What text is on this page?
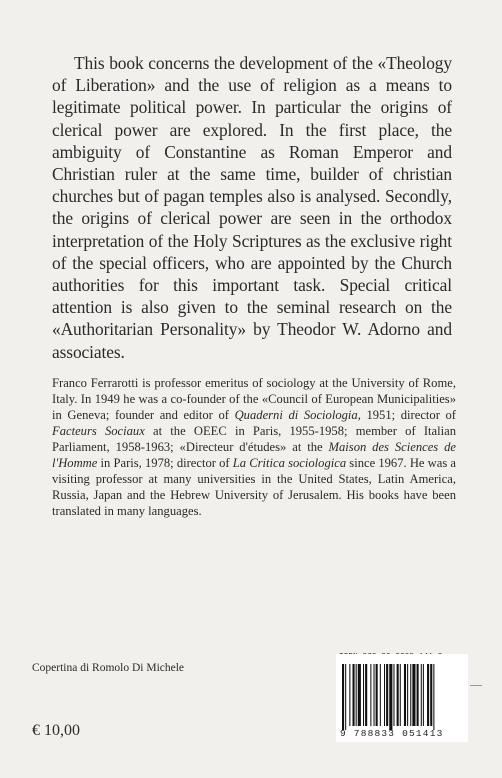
This book concerns the development of the «Theology of Liberation» and the use of religion as a means to legitimate political power. In particular the origins of clerical power are explored. In the first place, the ambiguity of Constantine as Roman Emperor and Christian ruler at the same time, builder of christian churches but of pagan temples also is analysed. Secondly, the origins of clerical power are seen in the orthodox interpretation of the Holy Scriptures as the exclusive right of the special officers, who are appointed by the Church authorities for this important task. Special critical attention is also given to the seminal research on the «Authoritarian Personality» by Theodor W. Adorno and associates.

Franco Ferrarotti is professor emeritus of sociology at the University of Rome, Italy. In 1949 he was a co-founder of the «Council of European Municipalities» in Geneva; founder and editor of Quaderni di Sociologia, 1951; director of Facteurs Sociaux at the OEEC in Paris, 1955-1958; member of Italian Parliament, 1958-1963; «Directeur d'études» at the Maison des Sciences de l'Homme in Paris, 1978; director of La Critica sociologica since 1967. He was a visiting professor at many universities in the United States, Latin America, Russia, Japan and the Hebrew University of Jerusalem. His books have been translated in many languages.

Copertina di Romolo Di Michele

€ 10,00	9 788833 051413
